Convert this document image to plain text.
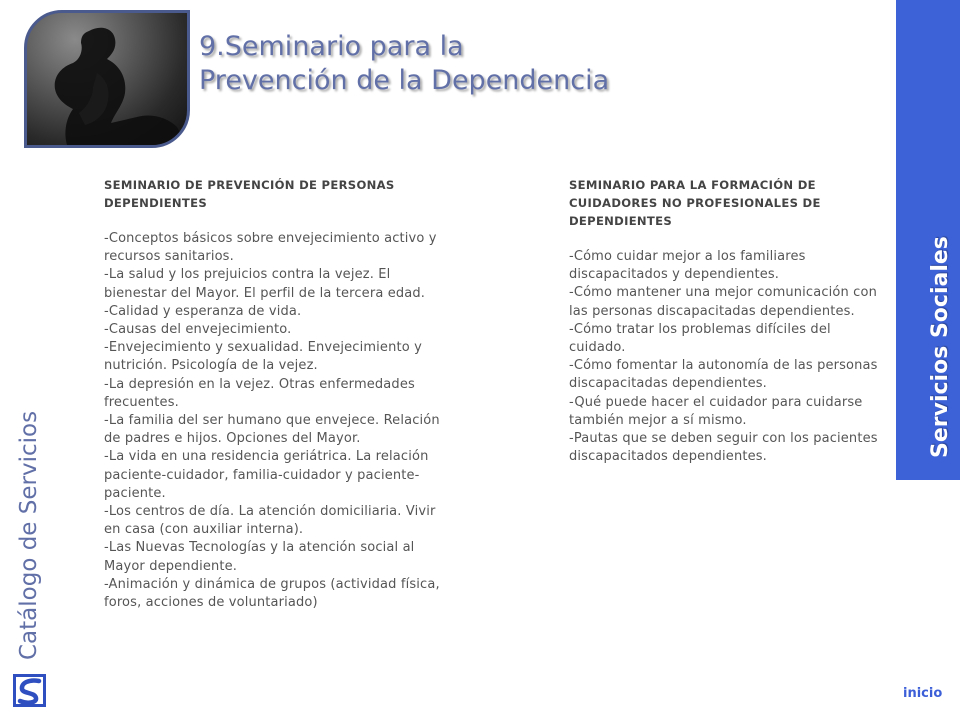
9.Seminario para la
Prevención de la Dependencia
SEMINARIO DE PREVENCIÓN DE PERSONAS DEPENDIENTES

-Conceptos básicos sobre envejecimiento activo y recursos sanitarios.

-La salud y los prejuicios contra la vejez. El bienestar del Mayor. El perfil de la tercera edad.

-Calidad y esperanza de vida.

-Causas del envejecimiento.

-Envejecimiento y sexualidad. Envejecimiento y nutrición. Psicología de la vejez.

-La depresión en la vejez. Otras enfermedades frecuentes.

-La familia del ser humano que envejece. Relación de padres e hijos. Opciones del Mayor.

-La vida en una residencia geriátrica. La relación paciente-cuidador, familia-cuidador y paciente-paciente.

-Los centros de día. La atención domiciliaria. Vivir en casa (con auxiliar interna).

-Las Nuevas Tecnologías y la atención social al Mayor dependiente.

-Animación y dinámica de grupos (actividad física, foros, acciones de voluntariado)

SEMINARIO PARA LA FORMACIÓN DE CUIDADORES NO PROFESIONALES DE DEPENDIENTES

-Cómo cuidar mejor a los familiares discapacitados y dependientes.

-Cómo mantener una mejor comunicación con las personas discapacitadas dependientes.

-Cómo tratar los problemas difíciles del cuidado.

-Cómo fomentar la autonomía de las personas discapacitadas dependientes.

-Qué puede hacer el cuidador para cuidarse también mejor a sí mismo.

-Pautas que se deben seguir con los pacientes discapacitados dependientes.	Servicios Sociales
Catálogo de Servicios
inicio
